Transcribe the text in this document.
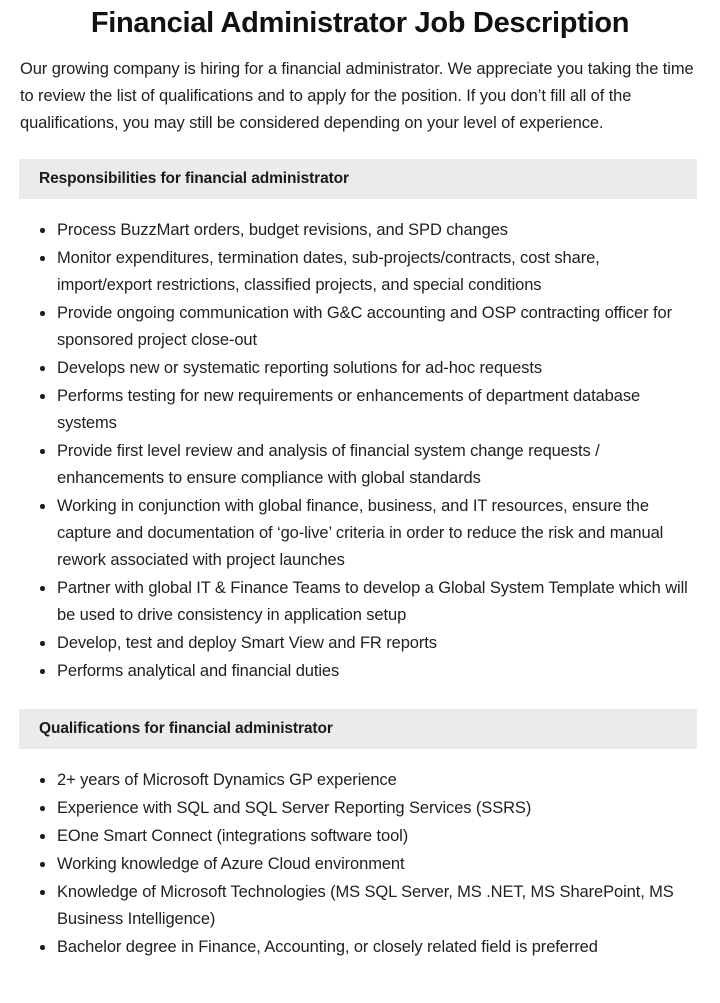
Financial Administrator Job Description

Our growing company is hiring for a financial administrator. We appreciate you taking the time to review the list of qualifications and to apply for the position. If you don’t fill all of the qualifications, you may still be considered depending on your level of experience.

Responsibilities for financial administrator
Process BuzzMart orders, budget revisions, and SPD changes
Monitor expenditures, termination dates, sub-projects/contracts, cost share, import/export restrictions, classified projects, and special conditions
Provide ongoing communication with G&C accounting and OSP contracting officer for sponsored project close-out
Develops new or systematic reporting solutions for ad-hoc requests
Performs testing for new requirements or enhancements of department database systems
Provide first level review and analysis of financial system change requests / enhancements to ensure compliance with global standards
Working in conjunction with global finance, business, and IT resources, ensure the capture and documentation of ‘go-live’ criteria in order to reduce the risk and manual rework associated with project launches
Partner with global IT & Finance Teams to develop a Global System Template which will be used to drive consistency in application setup
Develop, test and deploy Smart View and FR reports
Performs analytical and financial duties
Qualifications for financial administrator
2+ years of Microsoft Dynamics GP experience
Experience with SQL and SQL Server Reporting Services (SSRS)
EOne Smart Connect (integrations software tool)
Working knowledge of Azure Cloud environment
Knowledge of Microsoft Technologies (MS SQL Server, MS .NET, MS SharePoint, MS Business Intelligence)
Bachelor degree in Finance, Accounting, or closely related field is preferred
